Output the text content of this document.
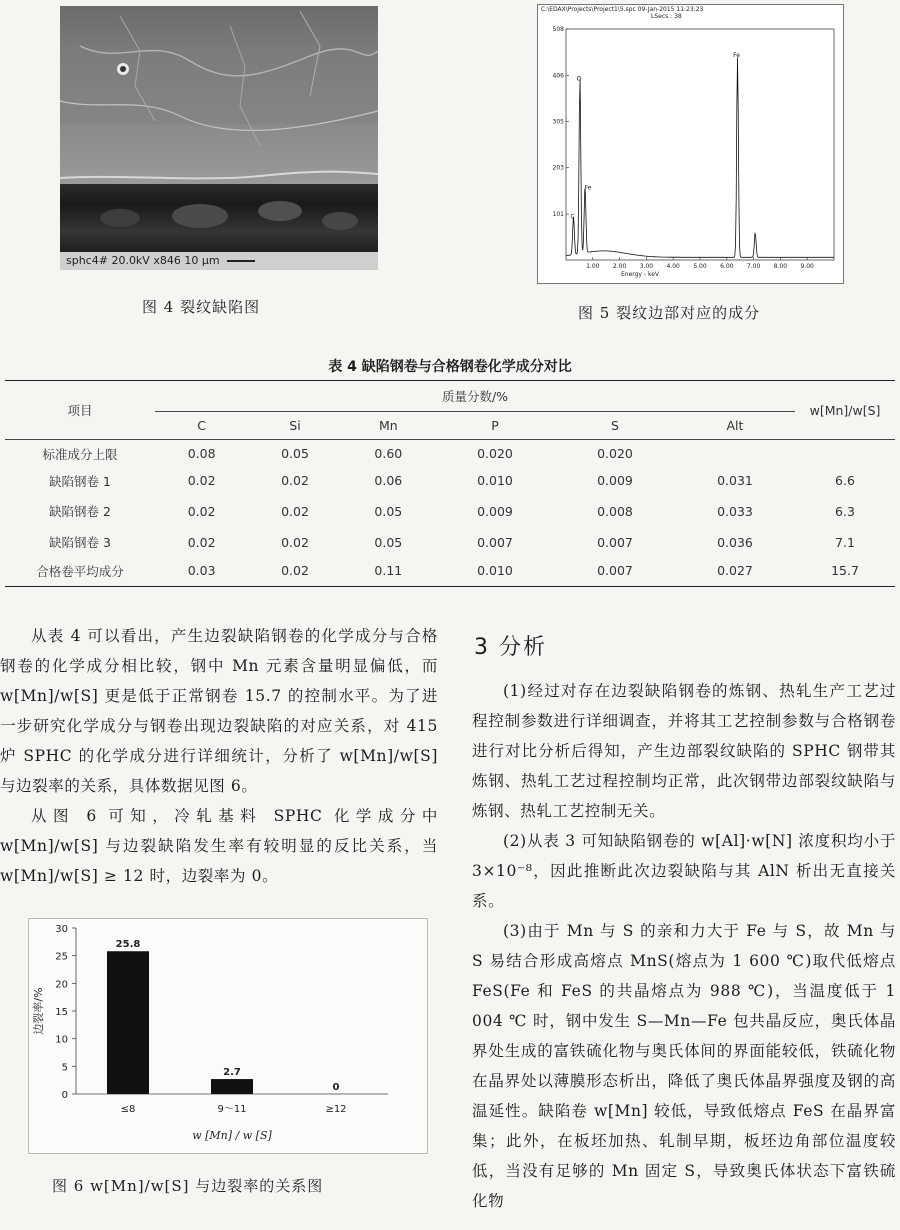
sphc4# 20.0kV x846 10 μm
图 4 裂纹缺陷图
C:\EDAX\Projects\Project1\5.spc 09-Jan-2015 11:23:23
LSecs : 38
101
203
305
406
508
1.00 2.00 3.00 4.00 5.00 6.00 7.00 8.00 9.00
Energy - keV
C
O
Fe
Fe
图 5 裂纹边部对应的成分
表 4 缺陷钢卷与合格钢卷化学成分对比
项目	质量分数/%						w[Mn]/w[S]
	C	Si	Mn	P	S	Alt	
标准成分上限	0.08	0.05	0.60	0.020	0.020		
缺陷钢卷 1	0.02	0.02	0.06	0.010	0.009	0.031	6.6
缺陷钢卷 2	0.02	0.02	0.05	0.009	0.008	0.033	6.3
缺陷钢卷 3	0.02	0.02	0.05	0.007	0.007	0.036	7.1
合格卷平均成分	0.03	0.02	0.11	0.010	0.007	0.027	15.7

从表 4 可以看出，产生边裂缺陷钢卷的化学成分与合格钢卷的化学成分相比较，钢中 Mn 元素含量明显偏低，而 w[Mn]/w[S] 更是低于正常钢卷 15.7 的控制水平。为了进一步研究化学成分与钢卷出现边裂缺陷的对应关系，对 415 炉 SPHC 的化学成分进行详细统计，分析了 w[Mn]/w[S] 与边裂率的关系，具体数据见图 6。

从图 6 可知，冷轧基料 SPHC 化学成分中 w[Mn]/w[S] 与边裂缺陷发生率有较明显的反比关系，当 w[Mn]/w[S] ≥ 12 时，边裂率为 0。

0
5
10
15
20
25
30
25.8
≤8
2.7
9～11
0
≥12
w [Mn] / w [S]
边裂率/%
图 6 w[Mn]/w[S] 与边裂率的关系图
3 分析

(1)经过对存在边裂缺陷钢卷的炼钢、热轧生产工艺过程控制参数进行详细调查，并将其工艺控制参数与合格钢卷进行对比分析后得知，产生边部裂纹缺陷的 SPHC 钢带其炼钢、热轧工艺过程控制均正常，此次钢带边部裂纹缺陷与炼钢、热轧工艺控制无关。

(2)从表 3 可知缺陷钢卷的 w[Al]·w[N] 浓度积均小于 3×10⁻⁸，因此推断此次边裂缺陷与其 AlN 析出无直接关系。

(3)由于 Mn 与 S 的亲和力大于 Fe 与 S，故 Mn 与 S 易结合形成高熔点 MnS(熔点为 1 600 ℃)取代低熔点 FeS(Fe 和 FeS 的共晶熔点为 988 ℃)，当温度低于 1 004 ℃ 时，钢中发生 S—Mn—Fe 包共晶反应，奥氏体晶界处生成的富铁硫化物与奥氏体间的界面能较低，铁硫化物在晶界处以薄膜形态析出，降低了奥氏体晶界强度及钢的高温延性。缺陷卷 w[Mn] 较低，导致低熔点 FeS 在晶界富集；此外，在板坯加热、轧制早期，板坯边角部位温度较低，当没有足够的 Mn 固定 S，导致奥氏体状态下富铁硫化物
